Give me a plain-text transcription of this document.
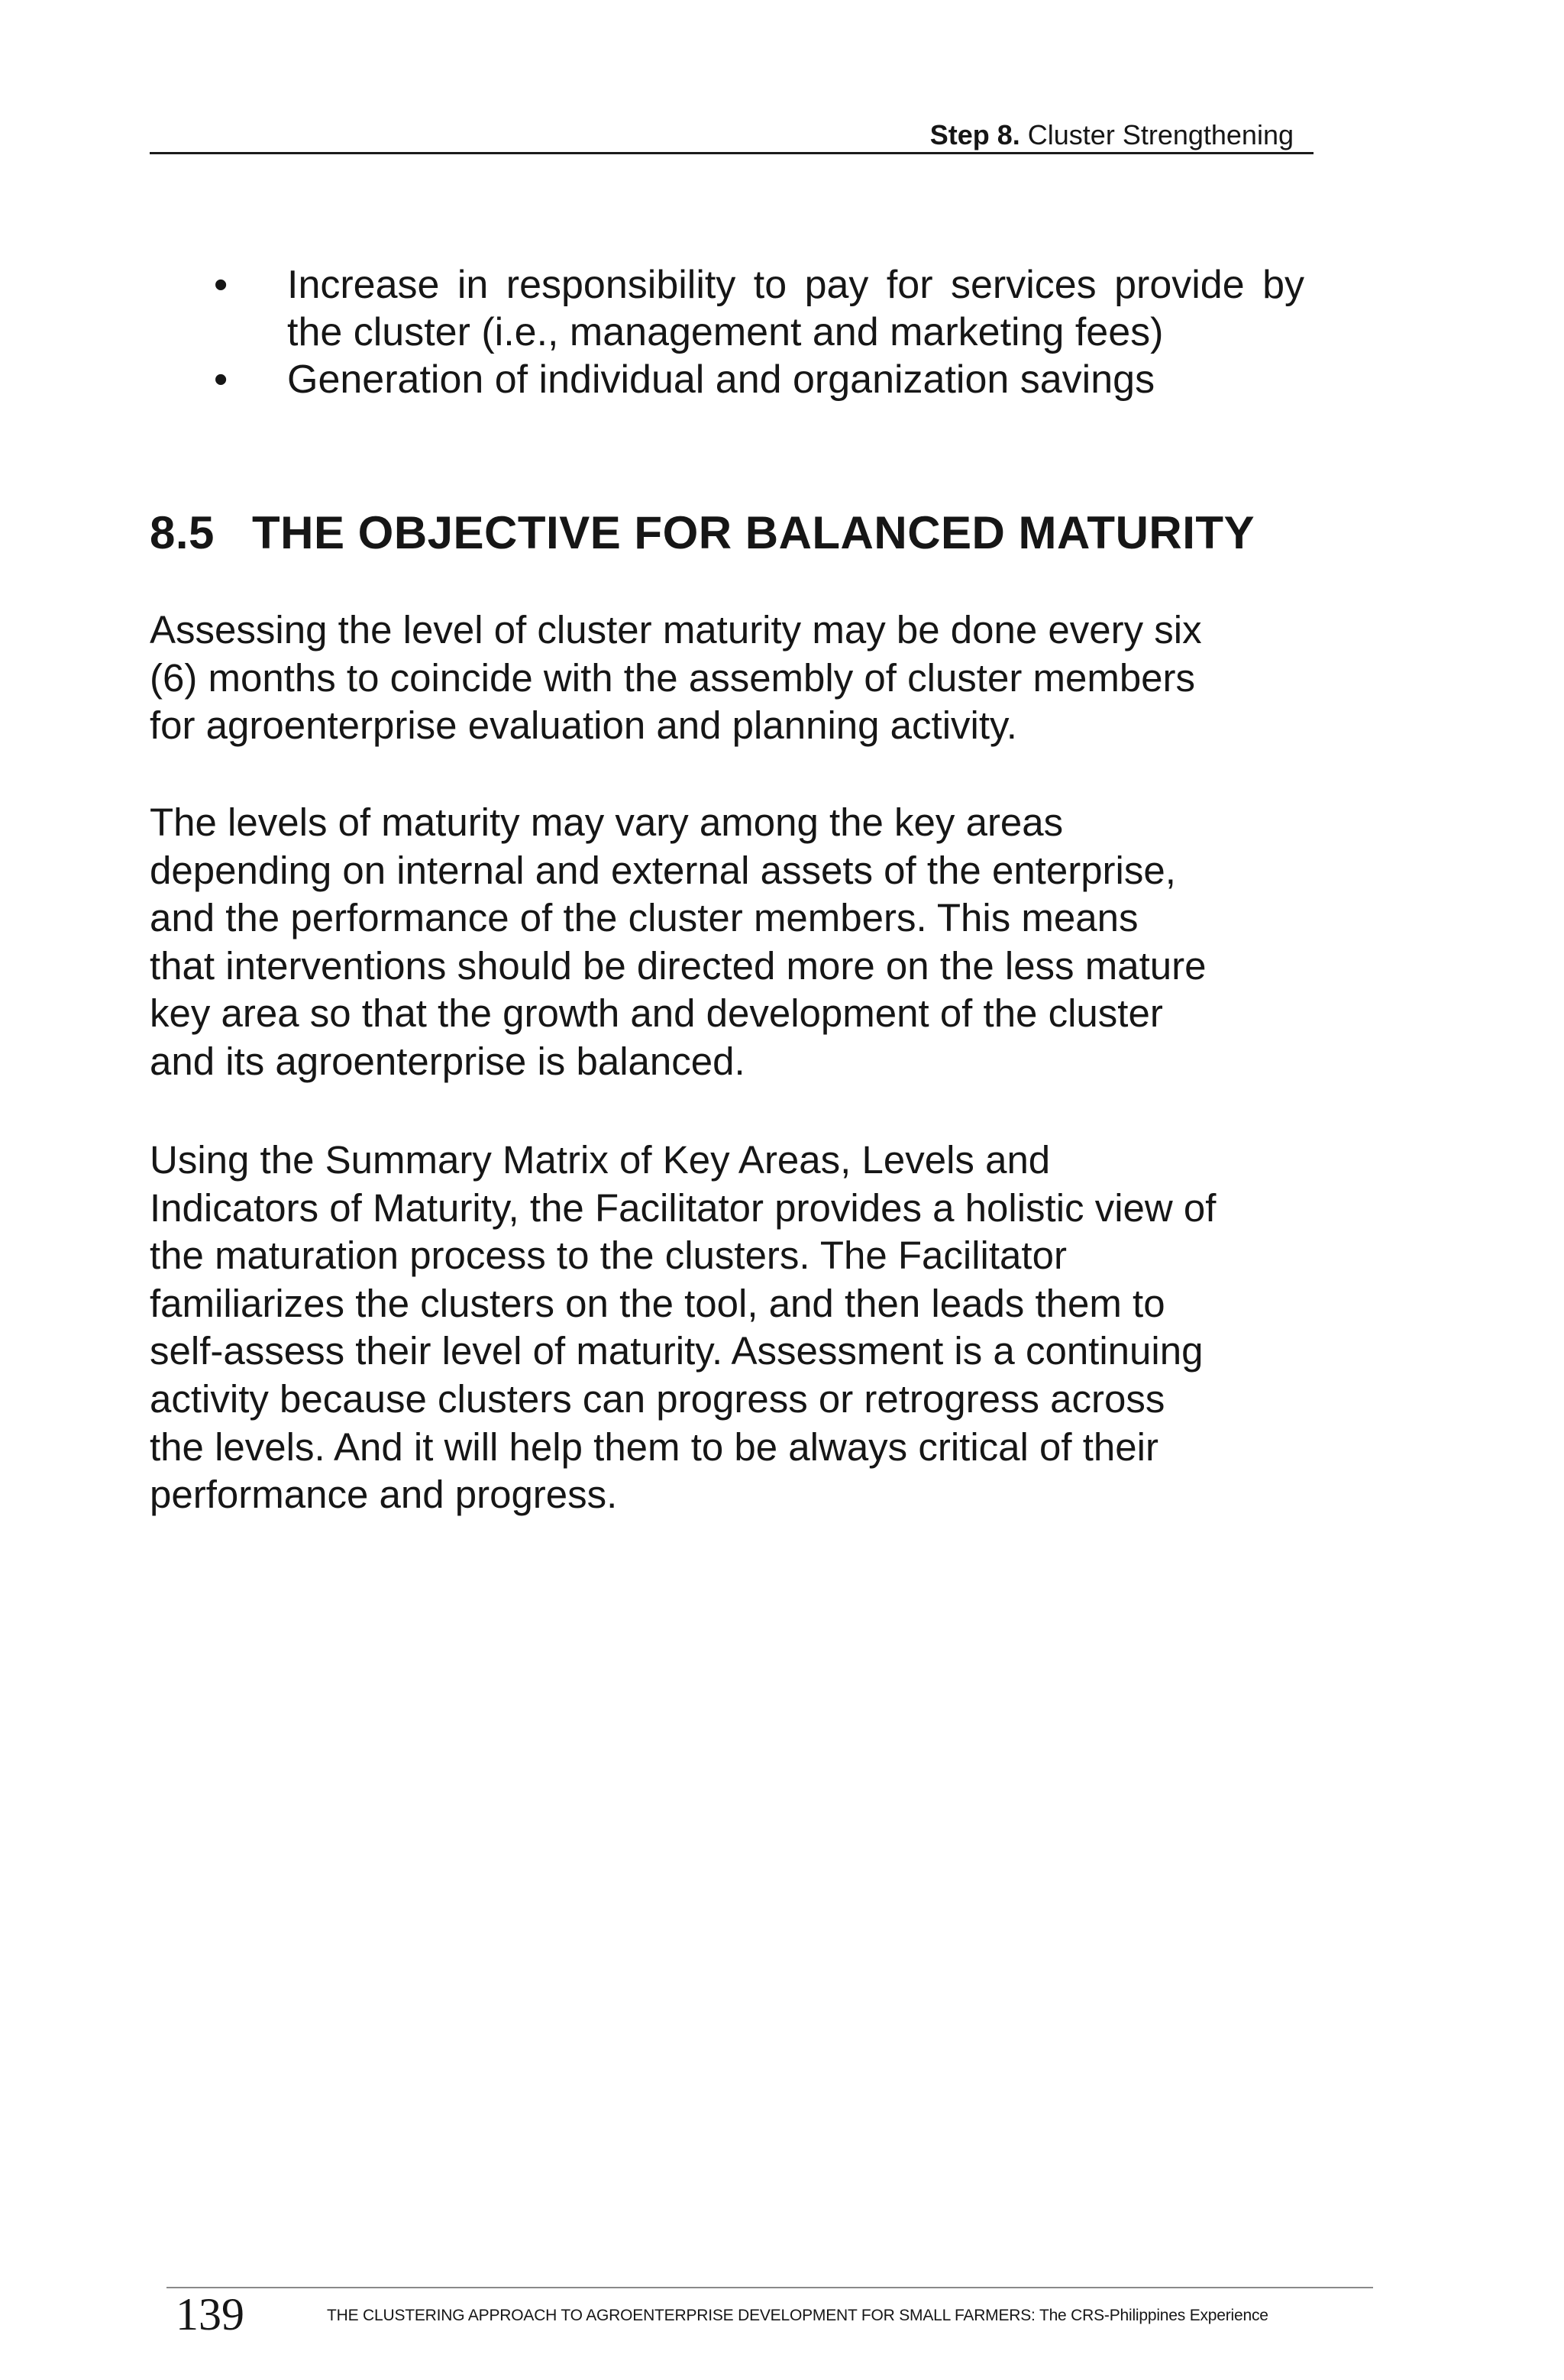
Step 8. Cluster Strengthening
• Increase in responsibility to pay for services provide by the cluster (i.e., management and marketing fees)
• Generation of individual and organization savings
8.5 THE OBJECTIVE FOR BALANCED MATURITY
Assessing the level of cluster maturity may be done every six
(6) months to coincide with the assembly of cluster members
for agroenterprise evaluation and planning activity.
The levels of maturity may vary among the key areas
depending on internal and external assets of the enterprise,
and the performance of the cluster members. This means
that interventions should be directed more on the less mature
key area so that the growth and development of the cluster
and its agroenterprise is balanced.
Using the Summary Matrix of Key Areas, Levels and
Indicators of Maturity, the Facilitator provides a holistic view of
the maturation process to the clusters. The Facilitator
familiarizes the clusters on the tool, and then leads them to
self-assess their level of maturity. Assessment is a continuing
activity because clusters can progress or retrogress across
the levels. And it will help them to be always critical of their
performance and progress.
139	THE CLUSTERING APPROACH TO AGROENTERPRISE DEVELOPMENT FOR SMALL FARMERS: The CRS-Philippines Experience
